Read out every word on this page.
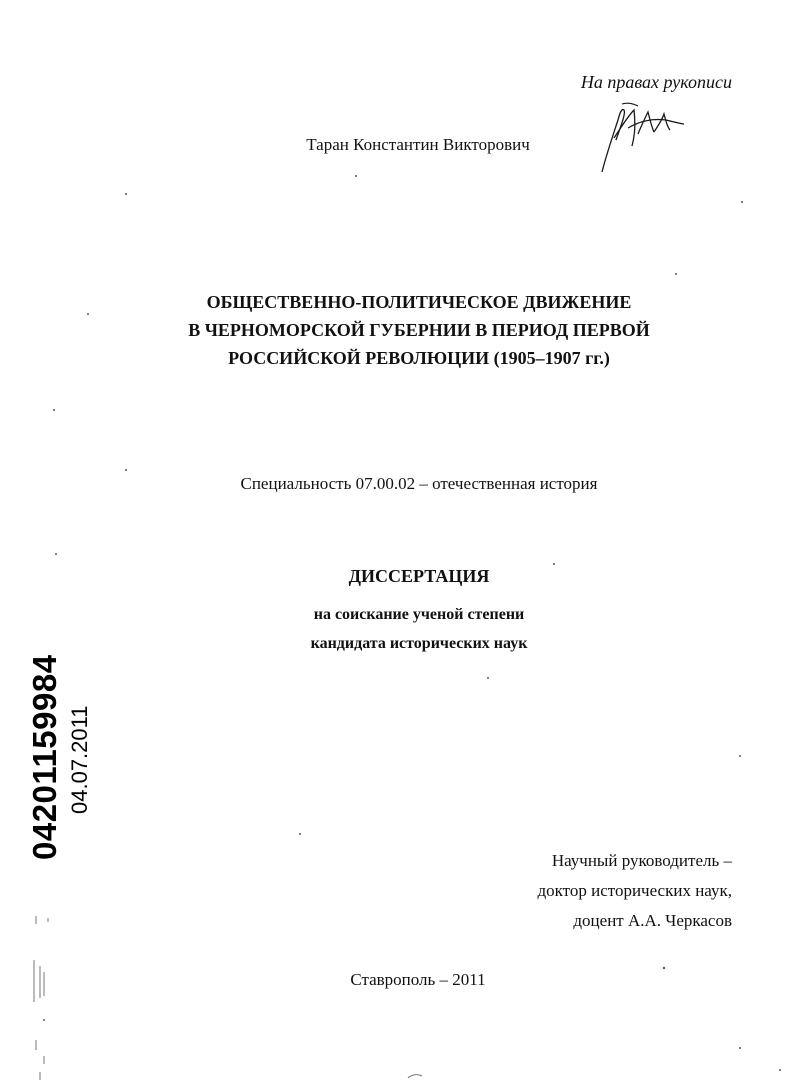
На правах рукописи
Таран Константин Викторович
ОБЩЕСТВЕННО-ПОЛИТИЧЕСКОЕ ДВИЖЕНИЕ
В ЧЕРНОМОРСКОЙ ГУБЕРНИИ В ПЕРИОД ПЕРВОЙ
РОССИЙСКОЙ РЕВОЛЮЦИИ (1905–1907 гг.)
Специальность 07.00.02 – отечественная история
ДИССЕРТАЦИЯ
на соискание ученой степени
кандидата исторических наук
Научный руководитель –
доктор исторических наук,
доцент А.А. Черкасов
Ставрополь – 2011
04201159984 04.07.2011
